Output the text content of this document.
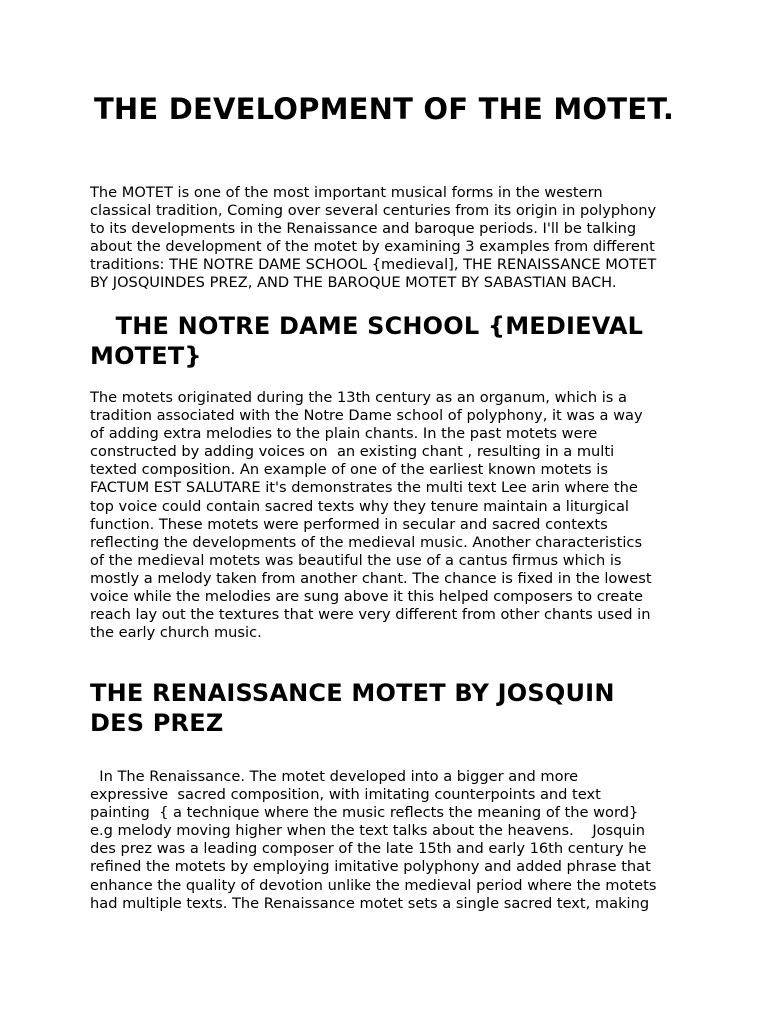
THE DEVELOPMENT OF THE MOTET.

The MOTET is one of the most important musical forms in the western
classical tradition, Coming over several centuries from its origin in polyphony
to its developments in the Renaissance and baroque periods. I'll be talking
about the development of the motet by examining 3 examples from different
traditions: THE NOTRE DAME SCHOOL {medieval], THE RENAISSANCE MOTET
BY JOSQUINDES PREZ, AND THE BAROQUE MOTET BY SABASTIAN BACH.

THE NOTRE DAME SCHOOL {MEDIEVAL
MOTET}

The motets originated during the 13th century as an organum, which is a
tradition associated with the Notre Dame school of polyphony, it was a way
of adding extra melodies to the plain chants. In the past motets were
constructed by adding voices on  an existing chant , resulting in a multi
texted composition. An example of one of the earliest known motets is
FACTUM EST SALUTARE it's demonstrates the multi text Lee arin where the
top voice could contain sacred texts why they tenure maintain a liturgical
function. These motets were performed in secular and sacred contexts
reflecting the developments of the medieval music. Another characteristics
of the medieval motets was beautiful the use of a cantus firmus which is
mostly a melody taken from another chant. The chance is fixed in the lowest
voice while the melodies are sung above it this helped composers to create
reach lay out the textures that were very different from other chants used in
the early church music.

THE RENAISSANCE MOTET BY JOSQUIN
DES PREZ

In The Renaissance. The motet developed into a bigger and more
expressive  sacred composition, with imitating counterpoints and text
painting  { a technique where the music reflects the meaning of the word}
e.g melody moving higher when the text talks about the heavens.    Josquin
des prez was a leading composer of the late 15th and early 16th century he
refined the motets by employing imitative polyphony and added phrase that
enhance the quality of devotion unlike the medieval period where the motets
had multiple texts. The Renaissance motet sets a single sacred text, making
